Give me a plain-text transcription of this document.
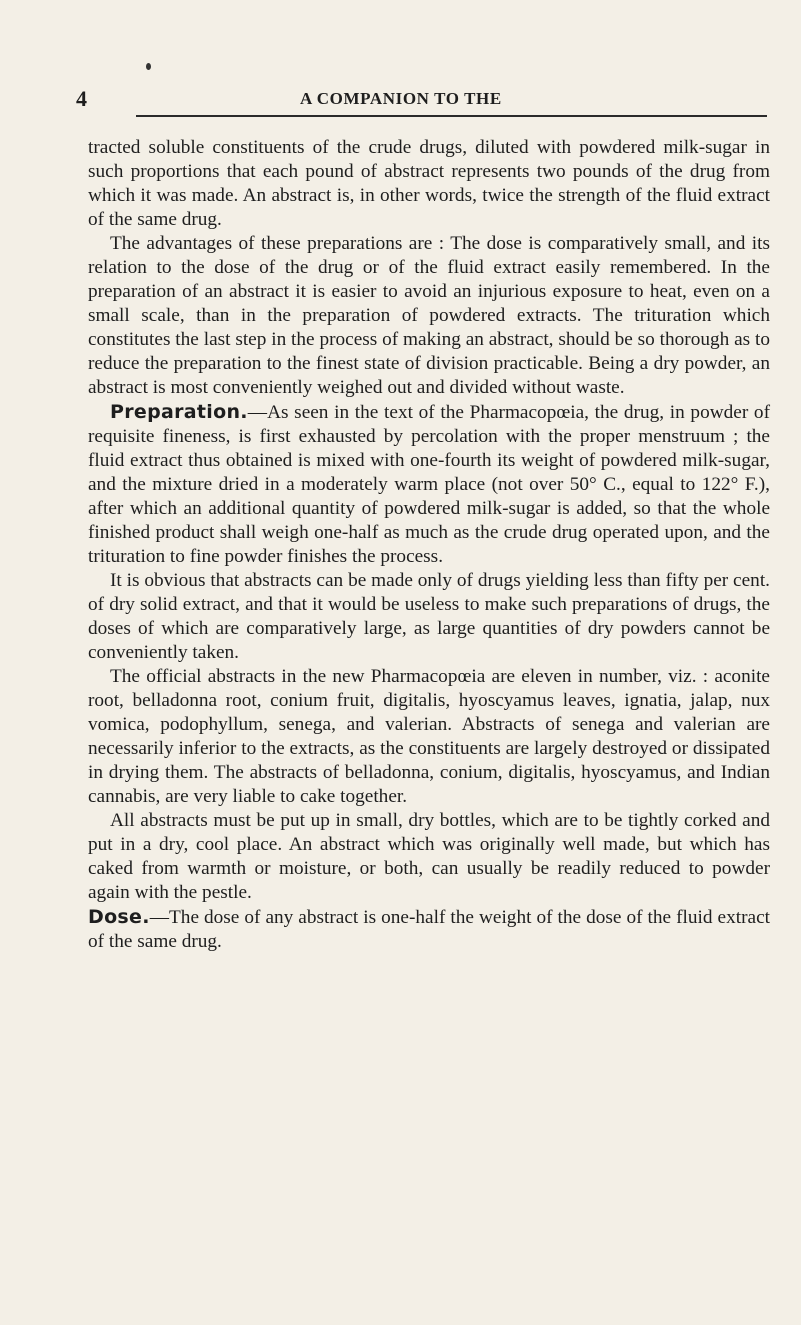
4	A COMPANION TO THE

tracted soluble constituents of the crude drugs, diluted with powdered milk-sugar in such proportions that each pound of abstract represents two pounds of the drug from which it was made. An abstract is, in other words, twice the strength of the fluid extract of the same drug.

The advantages of these preparations are : The dose is comparatively small, and its relation to the dose of the drug or of the fluid extract easily remembered. In the preparation of an abstract it is easier to avoid an injurious exposure to heat, even on a small scale, than in the preparation of powdered extracts. The trituration which constitutes the last step in the process of making an abstract, should be so thorough as to reduce the preparation to the finest state of division practicable. Being a dry powder, an abstract is most conveniently weighed out and divided without waste.

Preparation.—As seen in the text of the Pharmacopœia, the drug, in powder of requisite fineness, is first exhausted by percolation with the proper menstruum ; the fluid extract thus obtained is mixed with one-fourth its weight of powdered milk-sugar, and the mixture dried in a moderately warm place (not over 50° C., equal to 122° F.), after which an additional quantity of powdered milk-sugar is added, so that the whole finished product shall weigh one-half as much as the crude drug operated upon, and the trituration to fine powder finishes the process.

It is obvious that abstracts can be made only of drugs yielding less than fifty per cent. of dry solid extract, and that it would be useless to make such preparations of drugs, the doses of which are comparatively large, as large quantities of dry powders cannot be conveniently taken.

The official abstracts in the new Pharmacopœia are eleven in number, viz. : aconite root, belladonna root, conium fruit, digitalis, hyoscyamus leaves, ignatia, jalap, nux vomica, podophyllum, senega, and valerian. Abstracts of senega and valerian are necessarily inferior to the extracts, as the constituents are largely destroyed or dissipated in drying them. The abstracts of belladonna, conium, digitalis, hyoscyamus, and Indian cannabis, are very liable to cake together.

All abstracts must be put up in small, dry bottles, which are to be tightly corked and put in a dry, cool place. An abstract which was originally well made, but which has caked from warmth or moisture, or both, can usually be readily reduced to powder again with the pestle.

Dose.—The dose of any abstract is one-half the weight of the dose of the fluid extract of the same drug.
